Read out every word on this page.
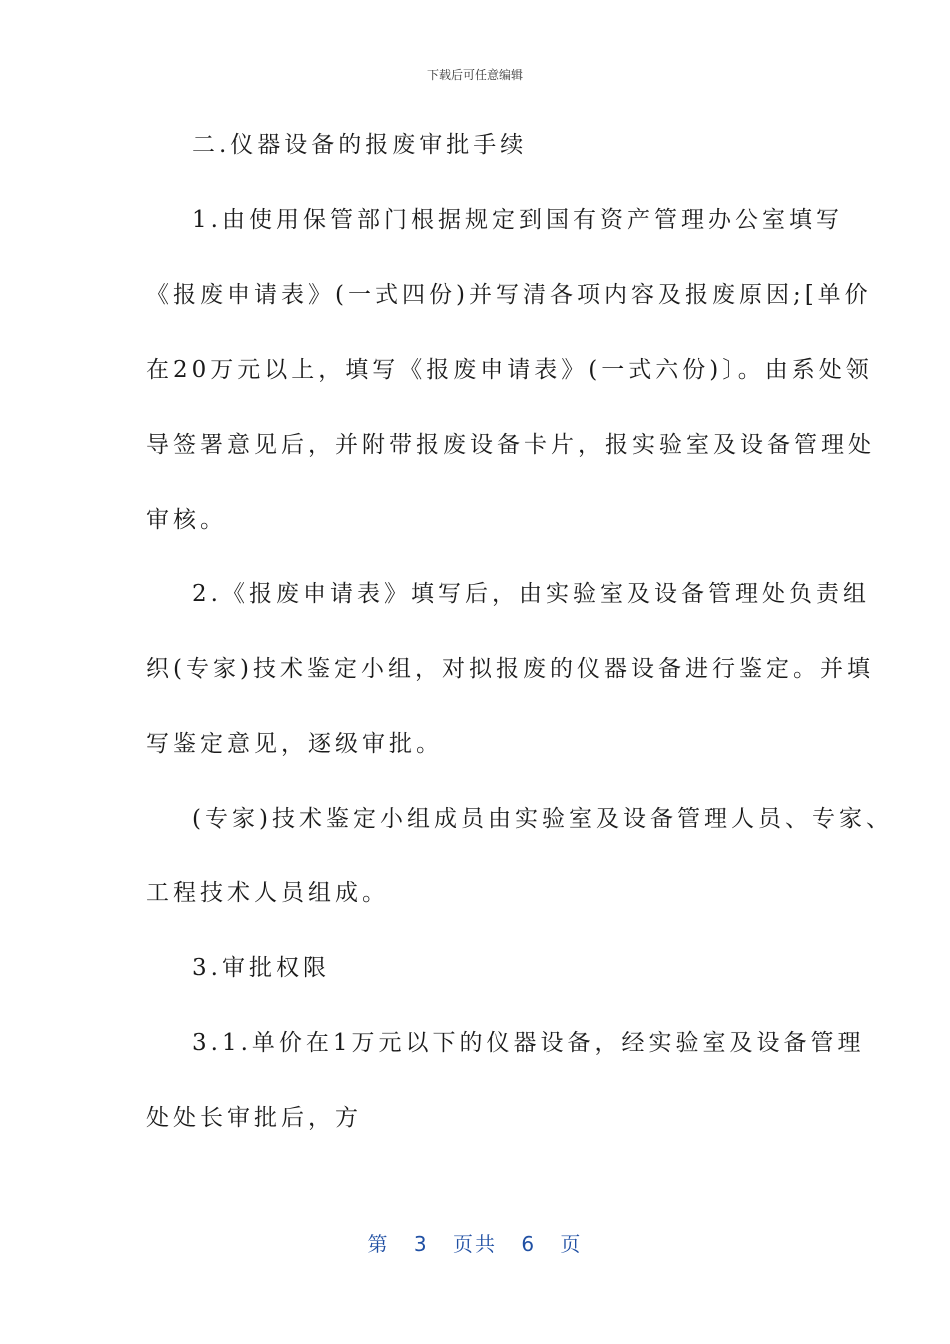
下载后可任意编辑
二.仪器设备的报废审批手续
1.由使用保管部门根据规定到国有资产管理办公室填写
《报废申请表》(一式四份)并写清各项内容及报废原因;[单价
在20万元以上，填写《报废申请表》(一式六份)〕。由系处领
导签署意见后，并附带报废设备卡片，报实验室及设备管理处
审核。
2.《报废申请表》填写后，由实验室及设备管理处负责组
织(专家)技术鉴定小组，对拟报废的仪器设备进行鉴定。并填
写鉴定意见，逐级审批。
(专家)技术鉴定小组成员由实验室及设备管理人员、专家、
工程技术人员组成。
3.审批权限
3.1.单价在1万元以下的仪器设备，经实验室及设备管理
处处长审批后，方
第 3 页共 6 页
